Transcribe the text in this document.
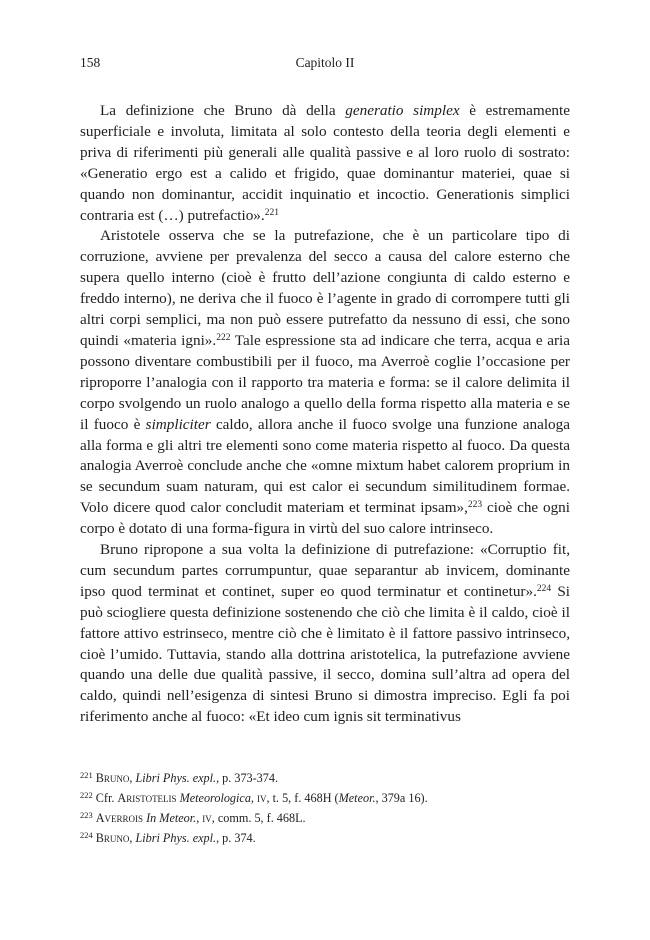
158	Capitolo II

La definizione che Bruno dà della generatio simplex è estremamente superficiale e involuta, limitata al solo contesto della teoria degli elementi e priva di riferimenti più generali alle qualità passive e al loro ruolo di sostrato: «Generatio ergo est a calido et frigido, quae dominantur materiei, quae si quando non dominantur, accidit inquinatio et incoctio. Generationis simplici contraria est (…) putrefactio».$^{221}$

Aristotele osserva che se la putrefazione, che è un particolare tipo di corruzione, avviene per prevalenza del secco a causa del calore esterno che supera quello interno (cioè è frutto dell’azione congiunta di caldo esterno e freddo interno), ne deriva che il fuoco è l’agente in grado di corrompere tutti gli altri corpi semplici, ma non può essere putrefatto da nessuno di essi, che sono quindi «materia igni».$^{222}$ Tale espressione sta ad indicare che terra, acqua e aria possono diventare combustibili per il fuoco, ma Averroè coglie l’occasione per riproporre l’analogia con il rapporto tra materia e forma: se il calore delimita il corpo svolgendo un ruolo analogo a quello della forma rispetto alla materia e se il fuoco è simpliciter caldo, allora anche il fuoco svolge una funzione analoga alla forma e gli altri tre elementi sono come materia rispetto al fuoco. Da questa analogia Averroè conclude anche che «omne mixtum habet calorem proprium in se secundum suam naturam, qui est calor ei secundum similitudinem formae. Volo dicere quod calor concludit materiam et terminat ipsam»,$^{223}$ cioè che ogni corpo è dotato di una forma-figura in virtù del suo calore intrinseco.

Bruno ripropone a sua volta la definizione di putrefazione: «Corruptio fit, cum secundum partes corrumpuntur, quae separantur ab invicem, dominante ipso quod terminat et continet, super eo quod terminatur et continetur».$^{224}$ Si può sciogliere questa definizione sostenendo che ciò che limita è il caldo, cioè il fattore attivo estrinseco, mentre ciò che è limitato è il fattore passivo intrinseco, cioè l’umido. Tuttavia, stando alla dottrina aristotelica, la putrefazione avviene quando una delle due qualità passive, il secco, domina sull’altra ad opera del caldo, quindi nell’esigenza di sintesi Bruno si dimostra impreciso. Egli fa poi riferimento anche al fuoco: «Et ideo cum ignis sit terminativus

$^{221}$ Bruno, Libri Phys. expl., p. 373-374.
$^{222}$ Cfr. Aristotelis Meteorologica, iv, t. 5, f. 468H (Meteor., 379a 16).
$^{223}$ Averrois In Meteor., iv, comm. 5, f. 468L.
$^{224}$ Bruno, Libri Phys. expl., p. 374.
